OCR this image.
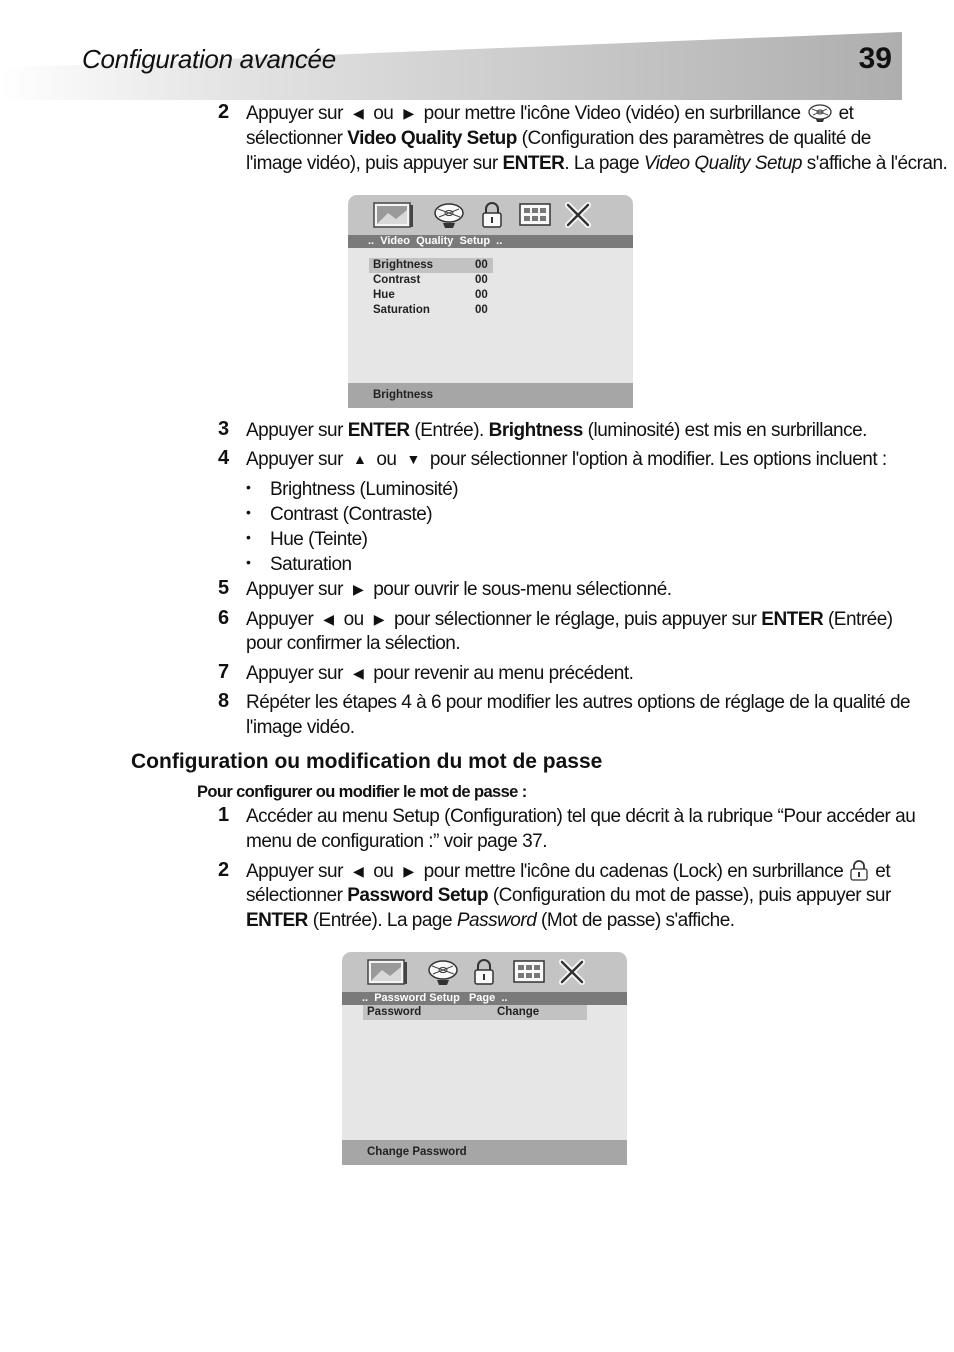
Configuration avancée	39
2 Appuyer sur ◀ ou ▶ pour mettre l'icône Video (vidéo) en surbrillance et
sélectionner Video Quality Setup (Configuration des paramètres de qualité de
l'image vidéo), puis appuyer sur ENTER. La page Video Quality Setup s'affiche à l'écran.
..  Video  Quality  Setup  ..
Brightness	00
Contrast	00
Hue	00
Saturation	00
Brightness
3 Appuyer sur ENTER (Entrée). Brightness (luminosité) est mis en surbrillance.
4 Appuyer sur ▲ ou ▼ pour sélectionner l'option à modifier. Les options incluent :
• Brightness (Luminosité)
• Contrast (Contraste)
• Hue (Teinte)
• Saturation
5 Appuyer sur ▶ pour ouvrir le sous-menu sélectionné.
6 Appuyer ◀ ou ▶ pour sélectionner le réglage, puis appuyer sur ENTER (Entrée)
pour confirmer la sélection.
7 Appuyer sur ◀ pour revenir au menu précédent.
8 Répéter les étapes 4 à 6 pour modifier les autres options de réglage de la qualité de
l'image vidéo.
Configuration ou modification du mot de passe
Pour configurer ou modifier le mot de passe :
1 Accéder au menu Setup (Configuration) tel que décrit à la rubrique “Pour accéder au
menu de configuration :” voir page 37.
2 Appuyer sur ◀ ou ▶ pour mettre l'icône du cadenas (Lock) en surbrillance et
sélectionner Password Setup (Configuration du mot de passe), puis appuyer sur
ENTER (Entrée). La page Password (Mot de passe) s'affiche.
..  Password Setup   Page  ..
Password	Change
Change Password
